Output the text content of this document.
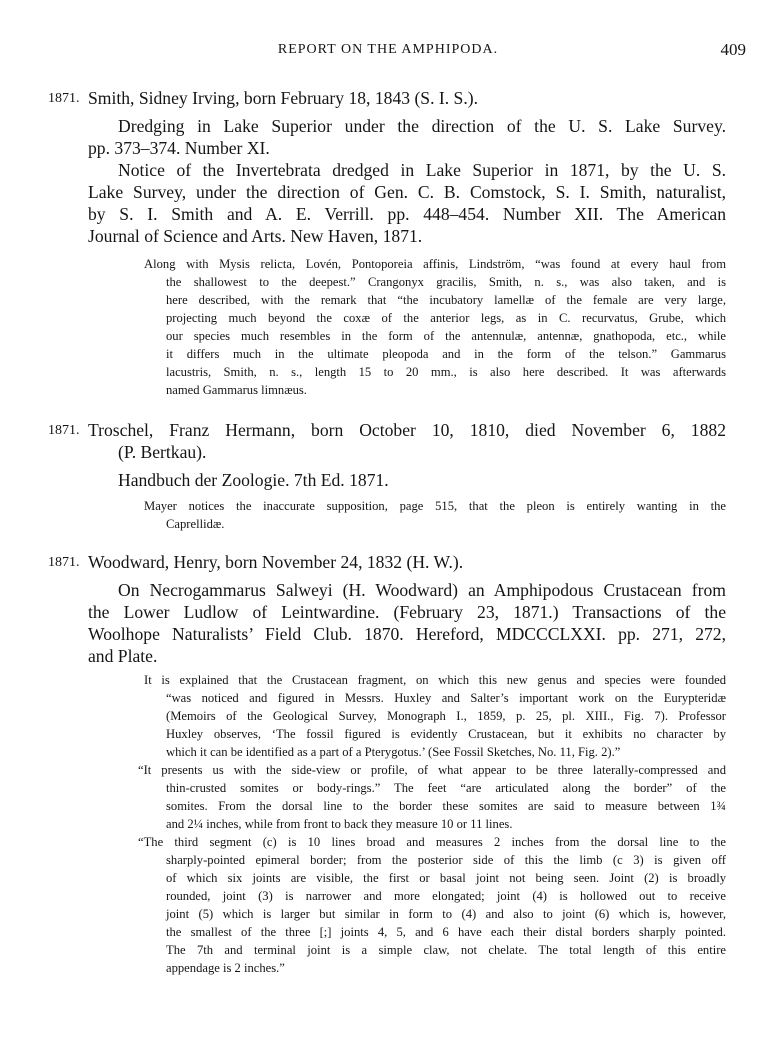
REPORT ON THE AMPHIPODA.	409
1871. Smith, Sidney Irving, born February 18, 1843 (S. I. S.).
Dredging in Lake Superior under the direction of the U. S. Lake Survey.
pp. 373–374. Number XI.
Notice of the Invertebrata dredged in Lake Superior in 1871, by the U. S.
Lake Survey, under the direction of Gen. C. B. Comstock, S. I. Smith, naturalist,
by S. I. Smith and A. E. Verrill. pp. 448–454. Number XII. The American
Journal of Science and Arts. New Haven, 1871.
Along with Mysis relicta, Lovén, Pontoporeia affinis, Lindström, “was found at every haul from
the shallowest to the deepest.” Crangonyx gracilis, Smith, n. s., was also taken, and is
here described, with the remark that “the incubatory lamellæ of the female are very large,
projecting much beyond the coxæ of the anterior legs, as in C. recurvatus, Grube, which
our species much resembles in the form of the antennulæ, antennæ, gnathopoda, etc., while
it differs much in the ultimate pleopoda and in the form of the telson.” Gammarus
lacustris, Smith, n. s., length 15 to 20 mm., is also here described. It was afterwards
named Gammarus limnæus.
1871. Troschel, Franz Hermann, born October 10, 1810, died November 6, 1882
(P. Bertkau).
Handbuch der Zoologie. 7th Ed. 1871.
Mayer notices the inaccurate supposition, page 515, that the pleon is entirely wanting in the
Caprellidæ.
1871. Woodward, Henry, born November 24, 1832 (H. W.).
On Necrogammarus Salweyi (H. Woodward) an Amphipodous Crustacean from
the Lower Ludlow of Leintwardine. (February 23, 1871.) Transactions of the
Woolhope Naturalists’ Field Club. 1870. Hereford, MDCCCLXXI. pp. 271, 272,
and Plate.
It is explained that the Crustacean fragment, on which this new genus and species were founded
“was noticed and figured in Messrs. Huxley and Salter’s important work on the Eurypteridæ
(Memoirs of the Geological Survey, Monograph I., 1859, p. 25, pl. XIII., Fig. 7). Professor
Huxley observes, ‘The fossil figured is evidently Crustacean, but it exhibits no character by
which it can be identified as a part of a Pterygotus.’ (See Fossil Sketches, No. 11, Fig. 2).”
“It presents us with the side-view or profile, of what appear to be three laterally-compressed and
thin-crusted somites or body-rings.” The feet “are articulated along the border” of the
somites. From the dorsal line to the border these somites are said to measure between 1¾
and 2¼ inches, while from front to back they measure 10 or 11 lines.
“The third segment (c) is 10 lines broad and measures 2 inches from the dorsal line to the
sharply-pointed epimeral border; from the posterior side of this the limb (c 3) is given off
of which six joints are visible, the first or basal joint not being seen. Joint (2) is broadly
rounded, joint (3) is narrower and more elongated; joint (4) is hollowed out to receive
joint (5) which is larger but similar in form to (4) and also to joint (6) which is, however,
the smallest of the three [;] joints 4, 5, and 6 have each their distal borders sharply pointed.
The 7th and terminal joint is a simple claw, not chelate. The total length of this entire
appendage is 2 inches.”
